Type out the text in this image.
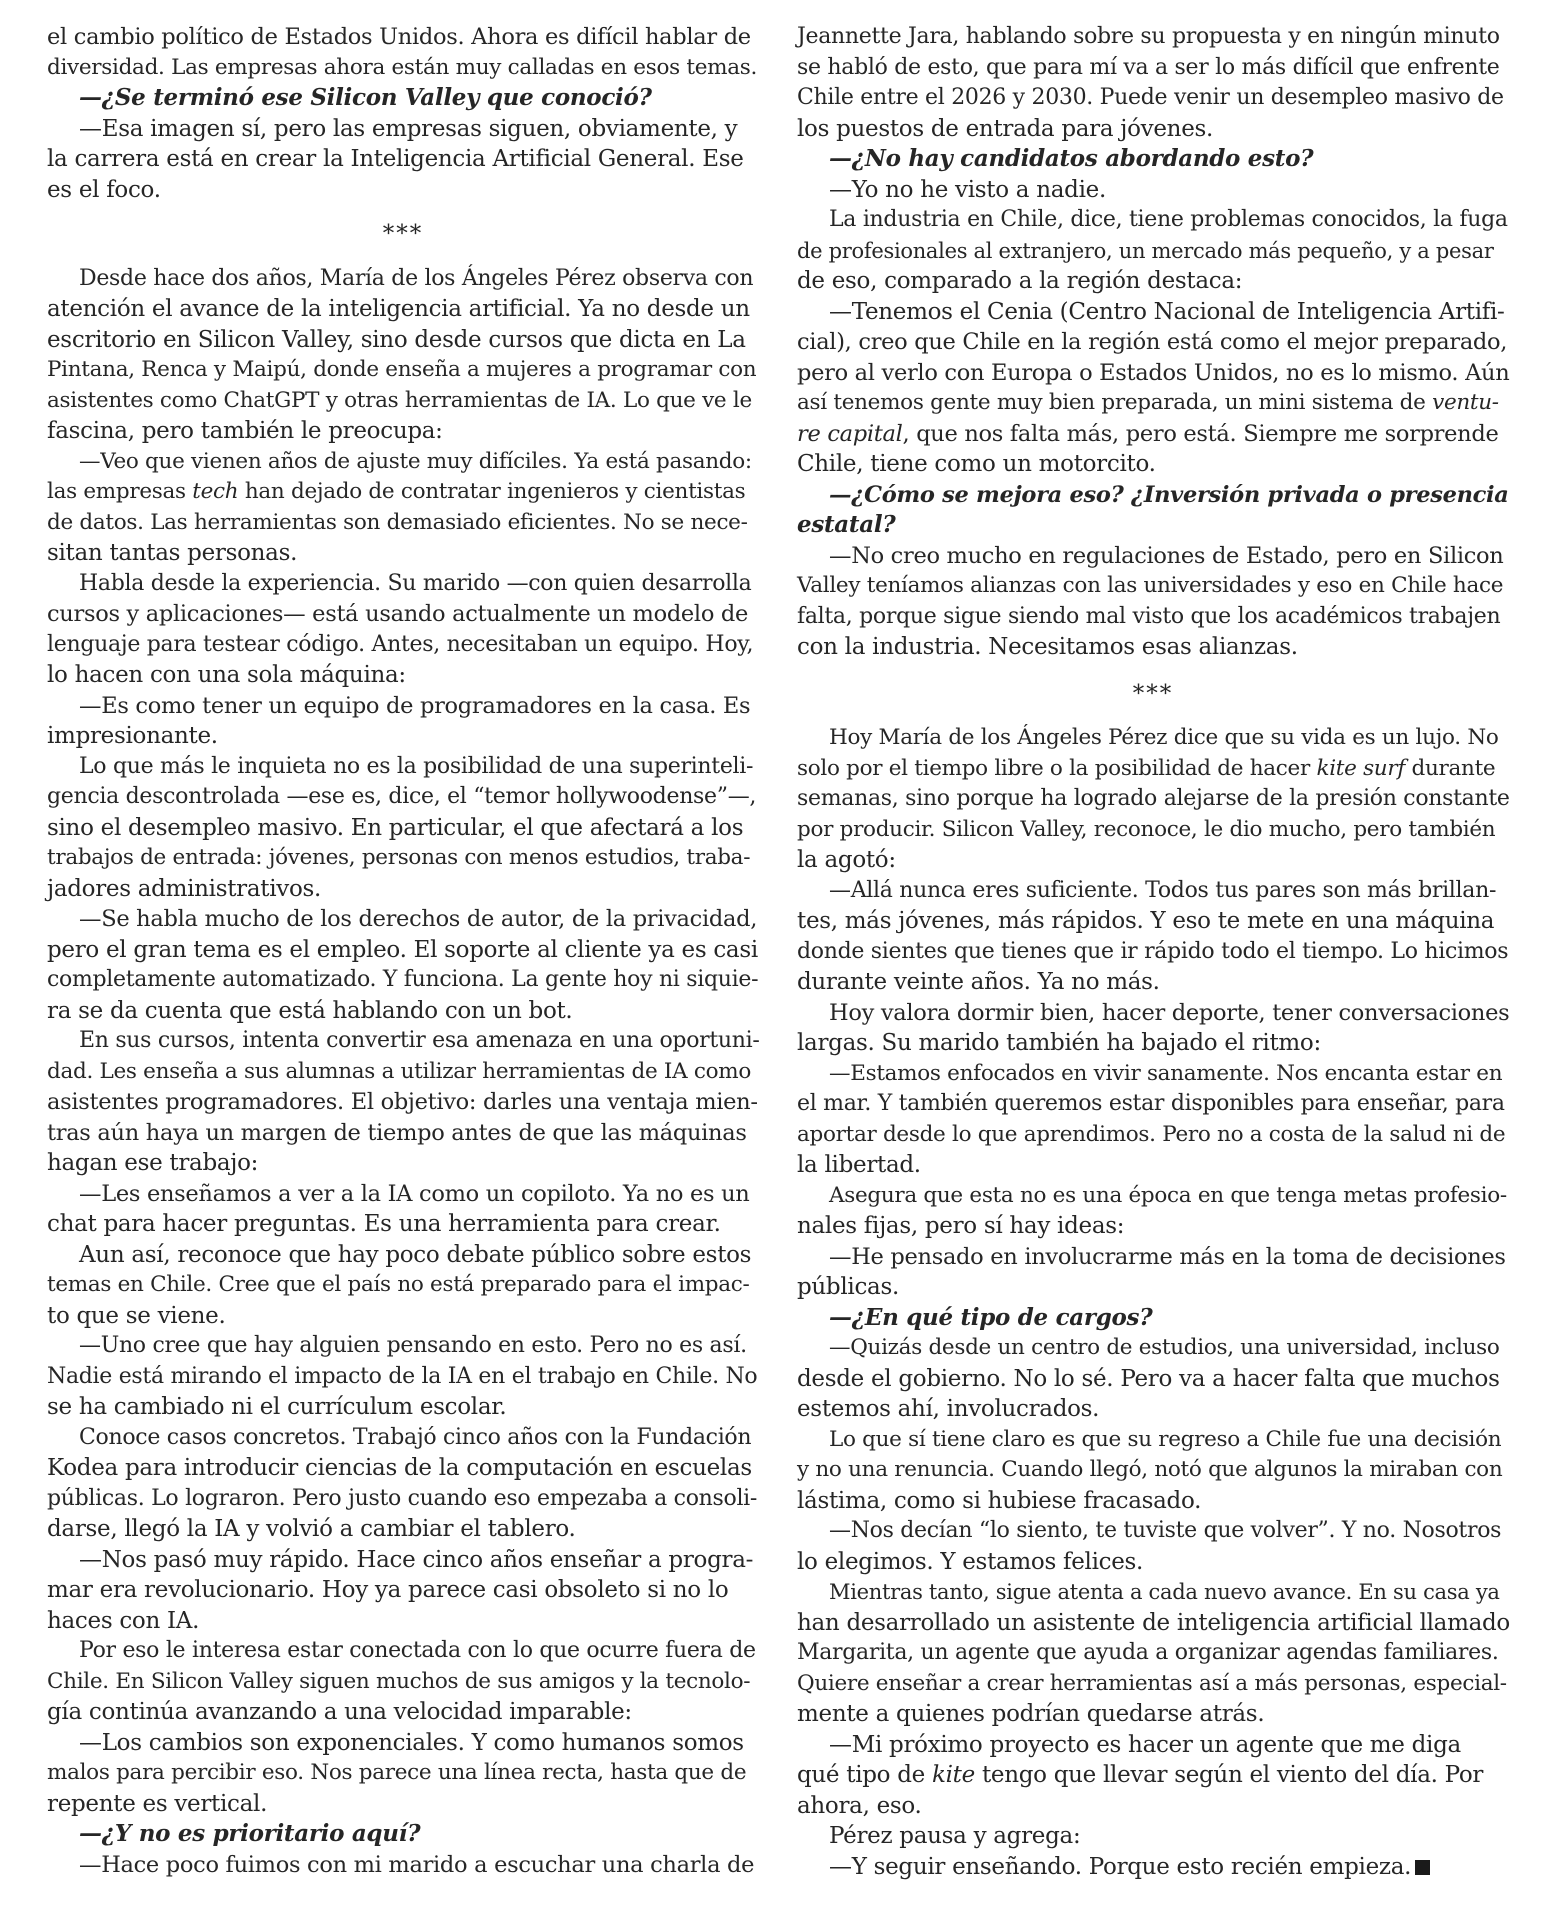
el cambio político de Estados Unidos. Ahora es difícil hablar de
diversidad. Las empresas ahora están muy calladas en esos temas.
—¿Se terminó ese Silicon Valley que conoció?
—Esa imagen sí, pero las empresas siguen, obviamente, y
la carrera está en crear la Inteligencia Artificial General. Ese
es el foco.
***
Desde hace dos años, María de los Ángeles Pérez observa con
atención el avance de la inteligencia artificial. Ya no desde un
escritorio en Silicon Valley, sino desde cursos que dicta en La
Pintana, Renca y Maipú, donde enseña a mujeres a programar con
asistentes como ChatGPT y otras herramientas de IA. Lo que ve le
fascina, pero también le preocupa:
—Veo que vienen años de ajuste muy difíciles. Ya está pasando:
las empresas tech han dejado de contratar ingenieros y cientistas
de datos. Las herramientas son demasiado eficientes. No se nece-
sitan tantas personas.
Habla desde la experiencia. Su marido —con quien desarrolla
cursos y aplicaciones— está usando actualmente un modelo de
lenguaje para testear código. Antes, necesitaban un equipo. Hoy,
lo hacen con una sola máquina:
—Es como tener un equipo de programadores en la casa. Es
impresionante.
Lo que más le inquieta no es la posibilidad de una superinteli-
gencia descontrolada —ese es, dice, el “temor hollywoodense”—,
sino el desempleo masivo. En particular, el que afectará a los
trabajos de entrada: jóvenes, personas con menos estudios, traba-
jadores administrativos.
—Se habla mucho de los derechos de autor, de la privacidad,
pero el gran tema es el empleo. El soporte al cliente ya es casi
completamente automatizado. Y funciona. La gente hoy ni siquie-
ra se da cuenta que está hablando con un bot.
En sus cursos, intenta convertir esa amenaza en una oportuni-
dad. Les enseña a sus alumnas a utilizar herramientas de IA como
asistentes programadores. El objetivo: darles una ventaja mien-
tras aún haya un margen de tiempo antes de que las máquinas
hagan ese trabajo:
—Les enseñamos a ver a la IA como un copiloto. Ya no es un
chat para hacer preguntas. Es una herramienta para crear.
Aun así, reconoce que hay poco debate público sobre estos
temas en Chile. Cree que el país no está preparado para el impac-
to que se viene.
—Uno cree que hay alguien pensando en esto. Pero no es así.
Nadie está mirando el impacto de la IA en el trabajo en Chile. No
se ha cambiado ni el currículum escolar.
Conoce casos concretos. Trabajó cinco años con la Fundación
Kodea para introducir ciencias de la computación en escuelas
públicas. Lo lograron. Pero justo cuando eso empezaba a consoli-
darse, llegó la IA y volvió a cambiar el tablero.
—Nos pasó muy rápido. Hace cinco años enseñar a progra-
mar era revolucionario. Hoy ya parece casi obsoleto si no lo
haces con IA.
Por eso le interesa estar conectada con lo que ocurre fuera de
Chile. En Silicon Valley siguen muchos de sus amigos y la tecnolo-
gía continúa avanzando a una velocidad imparable:
—Los cambios son exponenciales. Y como humanos somos
malos para percibir eso. Nos parece una línea recta, hasta que de
repente es vertical.
—¿Y no es prioritario aquí?
—Hace poco fuimos con mi marido a escuchar una charla de
Jeannette Jara, hablando sobre su propuesta y en ningún minuto
se habló de esto, que para mí va a ser lo más difícil que enfrente
Chile entre el 2026 y 2030. Puede venir un desempleo masivo de
los puestos de entrada para jóvenes.
—¿No hay candidatos abordando esto?
—Yo no he visto a nadie.
La industria en Chile, dice, tiene problemas conocidos, la fuga
de profesionales al extranjero, un mercado más pequeño, y a pesar
de eso, comparado a la región destaca:
—Tenemos el Cenia (Centro Nacional de Inteligencia Artifi-
cial), creo que Chile en la región está como el mejor preparado,
pero al verlo con Europa o Estados Unidos, no es lo mismo. Aún
así tenemos gente muy bien preparada, un mini sistema de ventu-
re capital, que nos falta más, pero está. Siempre me sorprende
Chile, tiene como un motorcito.
—¿Cómo se mejora eso? ¿Inversión privada o presencia
estatal?
—No creo mucho en regulaciones de Estado, pero en Silicon
Valley teníamos alianzas con las universidades y eso en Chile hace
falta, porque sigue siendo mal visto que los académicos trabajen
con la industria. Necesitamos esas alianzas.
***
Hoy María de los Ángeles Pérez dice que su vida es un lujo. No
solo por el tiempo libre o la posibilidad de hacer kite surf durante
semanas, sino porque ha logrado alejarse de la presión constante
por producir. Silicon Valley, reconoce, le dio mucho, pero también
la agotó:
—Allá nunca eres suficiente. Todos tus pares son más brillan-
tes, más jóvenes, más rápidos. Y eso te mete en una máquina
donde sientes que tienes que ir rápido todo el tiempo. Lo hicimos
durante veinte años. Ya no más.
Hoy valora dormir bien, hacer deporte, tener conversaciones
largas. Su marido también ha bajado el ritmo:
—Estamos enfocados en vivir sanamente. Nos encanta estar en
el mar. Y también queremos estar disponibles para enseñar, para
aportar desde lo que aprendimos. Pero no a costa de la salud ni de
la libertad.
Asegura que esta no es una época en que tenga metas profesio-
nales fijas, pero sí hay ideas:
—He pensado en involucrarme más en la toma de decisiones
públicas.
—¿En qué tipo de cargos?
—Quizás desde un centro de estudios, una universidad, incluso
desde el gobierno. No lo sé. Pero va a hacer falta que muchos
estemos ahí, involucrados.
Lo que sí tiene claro es que su regreso a Chile fue una decisión
y no una renuncia. Cuando llegó, notó que algunos la miraban con
lástima, como si hubiese fracasado.
—Nos decían “lo siento, te tuviste que volver”. Y no. Nosotros
lo elegimos. Y estamos felices.
Mientras tanto, sigue atenta a cada nuevo avance. En su casa ya
han desarrollado un asistente de inteligencia artificial llamado
Margarita, un agente que ayuda a organizar agendas familiares.
Quiere enseñar a crear herramientas así a más personas, especial-
mente a quienes podrían quedarse atrás.
—Mi próximo proyecto es hacer un agente que me diga
qué tipo de kite tengo que llevar según el viento del día. Por
ahora, eso.
Pérez pausa y agrega:
—Y seguir enseñando. Porque esto recién empieza.
